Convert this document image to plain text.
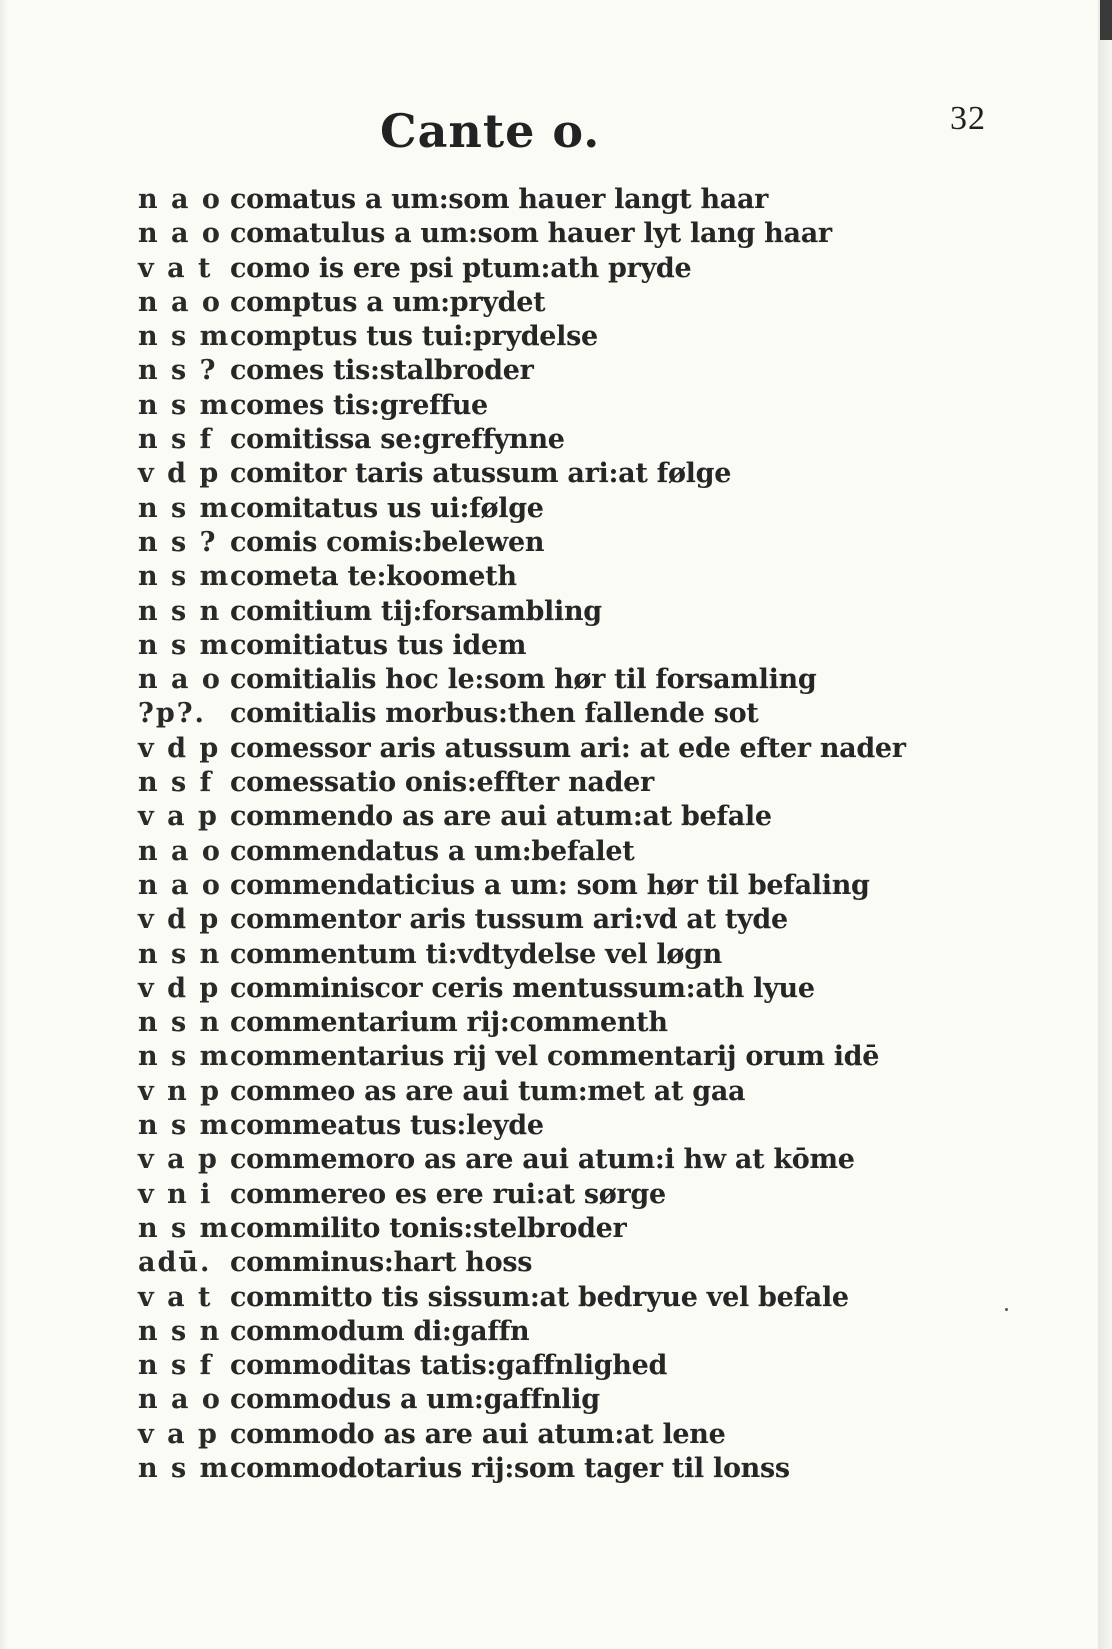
32
Cante o.
n a o comatus a um:som hauer langt haar
n a o comatulus a um:som hauer lyt lang haar
v a t como is ere psi ptum:ath pryde
n a o comptus a um:prydet
n s m comptus tus tui:prydelse
n s ? comes tis:stalbroder
n s m comes tis:greffue
n s f comitissa se:greffynne
v d p comitor taris atussum ari:at følge
n s m comitatus us ui:følge
n s ? comis comis:belewen
n s m cometa te:koometh
n s n comitium tij:forsambling
n s m comitiatus tus idem
n a o comitialis hoc le:som hør til forsamling
?p?. comitialis morbus:then fallende sot
v d p comessor aris atussum ari: at ede efter nader
n s f comessatio onis:effter nader
v a p commendo as are aui atum:at befale
n a o commendatus a um:befalet
n a o commendaticius a um: som hør til befaling
v d p commentor aris tussum ari:vd at tyde
n s n commentum ti:vdtydelse vel løgn
v d p comminiscor ceris mentussum:ath lyue
n s n commentarium rij:commenth
n s m commentarius rij vel commentarij orum idē
v n p commeo as are aui tum:met at gaa
n s m commeatus tus:leyde
v a p commemoro as are aui atum:i hw at kōme
v n i commereo es ere rui:at sørge
n s m commilito tonis:stelbroder
adū. comminus:hart hoss
v a t committo tis sissum:at bedryue vel befale
n s n commodum di:gaffn
n s f commoditas tatis:gaffnlighed
n a o commodus a um:gaffnlig
v a p commodo as are aui atum:at lene
n s m commodotarius rij:som tager til lonss
